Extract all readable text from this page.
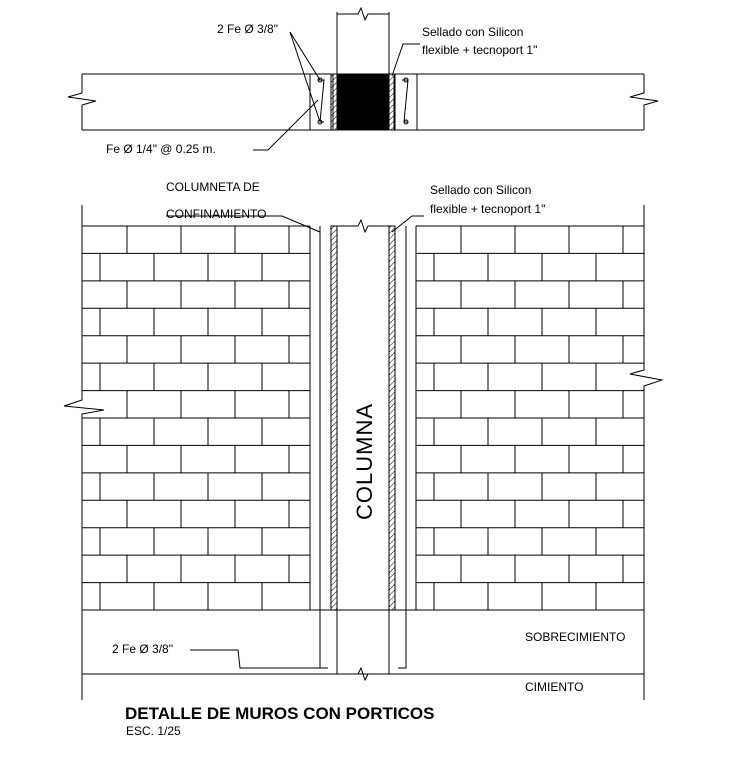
2 Fe Ø 3/8"	Sellado con Silicon
flexible + tecnoport 1"
Fe Ø 1/4" @ 0.25 m.
COLUMNETA DE
CONFINAMIENTO
Sellado con Silicon
flexible + tecnoport 1"
COLUMNA
2 Fe Ø 3/8"
SOBRECIMIENTO
CIMIENTO
DETALLE DE MUROS CON PORTICOS
ESC. 1/25
